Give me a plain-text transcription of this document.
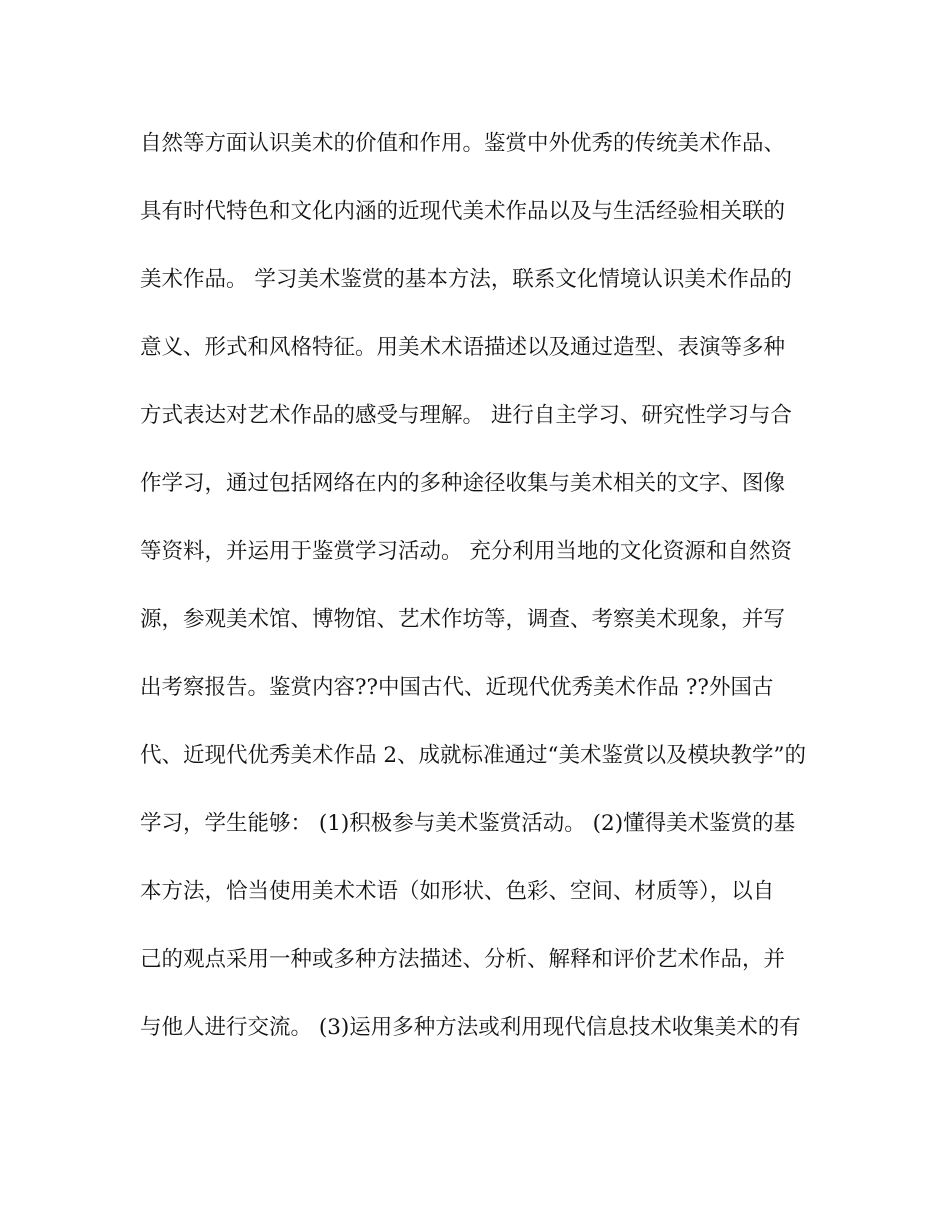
自然等方面认识美术的价值和作用。鉴赏中外优秀的传统美术作品、
具有时代特色和文化内涵的近现代美术作品以及与生活经验相关联的
美术作品。 学习美术鉴赏的基本方法，联系文化情境认识美术作品的
意义、形式和风格特征。用美术术语描述以及通过造型、表演等多种
方式表达对艺术作品的感受与理解。 进行自主学习、研究性学习与合
作学习，通过包括网络在内的多种途径收集与美术相关的文字、图像
等资料，并运用于鉴赏学习活动。 充分利用当地的文化资源和自然资
源，参观美术馆、博物馆、艺术作坊等，调查、考察美术现象，并写
出考察报告。鉴赏内容??中国古代、近现代优秀美术作品 ??外国古
代、近现代优秀美术作品 2、成就标准通过“美术鉴赏以及模块教学”的
学习，学生能够： (1)积极参与美术鉴赏活动。 (2)懂得美术鉴赏的基
本方法，恰当使用美术术语（如形状、色彩、空间、材质等），以自
己的观点采用一种或多种方法描述、分析、解释和评价艺术作品，并
与他人进行交流。 (3)运用多种方法或利用现代信息技术收集美术的有
